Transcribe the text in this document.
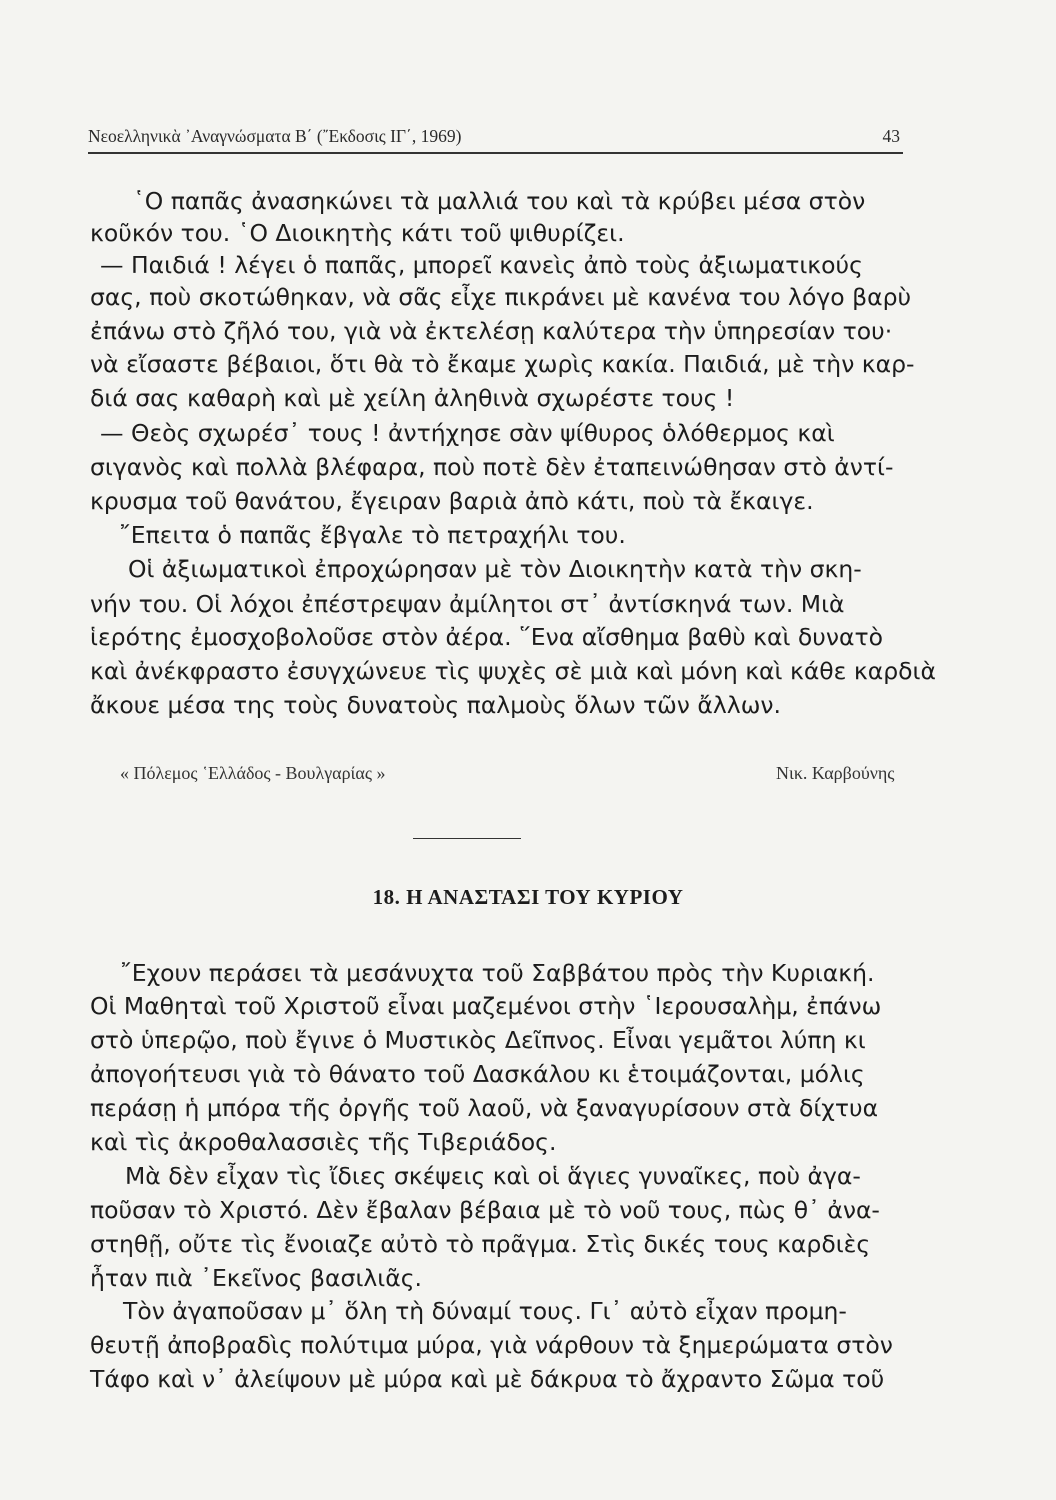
Νεοελληνικὰ ᾿Αναγνώσματα Β΄ (῎Εκδοσις ΙΓ΄, 1969)	43
῾Ο παπᾶς ἀνασηκώνει τὰ μαλλιά του καὶ τὰ κρύβει μέσα στὸν
κοῦκόν του. ῾Ο Διοικητὴς κάτι τοῦ ψιθυρίζει.
— Παιδιά ! λέγει ὁ παπᾶς, μπορεῖ κανεὶς ἀπὸ τοὺς ἀξιωματικούς
σας, ποὺ σκοτώθηκαν, νὰ σᾶς εἶχε πικράνει μὲ κανένα του λόγο βαρὺ
ἐπάνω στὸ ζῆλό του, γιὰ νὰ ἐκτελέσῃ καλύτερα τὴν ὑπηρεσίαν του·
νὰ εἴσαστε βέβαιοι, ὅτι θὰ τὸ ἔκαμε χωρὶς κακία. Παιδιά, μὲ τὴν καρ-
διά σας καθαρὴ καὶ μὲ χείλη ἀληθινὰ σχωρέστε τους !
— Θεὸς σχωρέσ᾿ τους ! ἀντήχησε σὰν ψίθυρος ὁλόθερμος καὶ
σιγανὸς καὶ πολλὰ βλέφαρα, ποὺ ποτὲ δὲν ἐταπεινώθησαν στὸ ἀντί-
κρυσμα τοῦ θανάτου, ἔγειραν βαριὰ ἀπὸ κάτι, ποὺ τὰ ἔκαιγε.
῎Επειτα ὁ παπᾶς ἔβγαλε τὸ πετραχήλι του.
Οἱ ἀξιωματικοὶ ἐπροχώρησαν μὲ τὸν Διοικητὴν κατὰ τὴν σκη-
νήν του. Οἱ λόχοι ἐπέστρεψαν ἀμίλητοι στ᾿ ἀντίσκηνά των. Μιὰ
ἱερότης ἐμοσχοβολοῦσε στὸν ἀέρα. ῞Ενα αἴσθημα βαθὺ καὶ δυνατὸ
καὶ ἀνέκφραστο ἐσυγχώνευε τὶς ψυχὲς σὲ μιὰ καὶ μόνη καὶ κάθε καρδιὰ
ἄκουε μέσα της τοὺς δυνατοὺς παλμοὺς ὅλων τῶν ἄλλων.
« Πόλεμος ῾Ελλάδος - Βουλγαρίας »	Νικ. Καρβούνης
18. Η ΑΝΑΣΤΑΣΙ ΤΟΥ ΚΥΡΙΟΥ
῎Εχουν περάσει τὰ μεσάνυχτα τοῦ Σαββάτου πρὸς τὴν Κυριακή.
Οἱ Μαθηταὶ τοῦ Χριστοῦ εἶναι μαζεμένοι στὴν ῾Ιερουσαλὴμ, ἐπάνω
στὸ ὑπερῷο, ποὺ ἔγινε ὁ Μυστικὸς Δεῖπνος. Εἶναι γεμᾶτοι λύπη κι
ἀπογοήτευσι γιὰ τὸ θάνατο τοῦ Δασκάλου κι ἑτοιμάζονται, μόλις
περάσῃ ἡ μπόρα τῆς ὀργῆς τοῦ λαοῦ, νὰ ξαναγυρίσουν στὰ δίχτυα
καὶ τὶς ἀκροθαλασσιὲς τῆς Τιβεριάδος.
Μὰ δὲν εἶχαν τὶς ἴδιες σκέψεις καὶ οἱ ἅγιες γυναῖκες, ποὺ ἀγα-
ποῦσαν τὸ Χριστό. Δὲν ἔβαλαν βέβαια μὲ τὸ νοῦ τους, πὼς θ᾿ ἀνα-
στηθῇ, οὔτε τὶς ἔνοιαζε αὐτὸ τὸ πρᾶγμα. Στὶς δικές τους καρδιὲς
ἦταν πιὰ ᾿Εκεῖνος βασιλιᾶς.
Τὸν ἀγαποῦσαν μ᾿ ὅλη τὴ δύναμί τους. Γι᾿ αὐτὸ εἶχαν προμη-
θευτῇ ἀποβραδὶς πολύτιμα μύρα, γιὰ νάρθουν τὰ ξημερώματα στὸν
Τάφο καὶ ν᾿ ἀλείψουν μὲ μύρα καὶ μὲ δάκρυα τὸ ἄχραντο Σῶμα τοῦ
